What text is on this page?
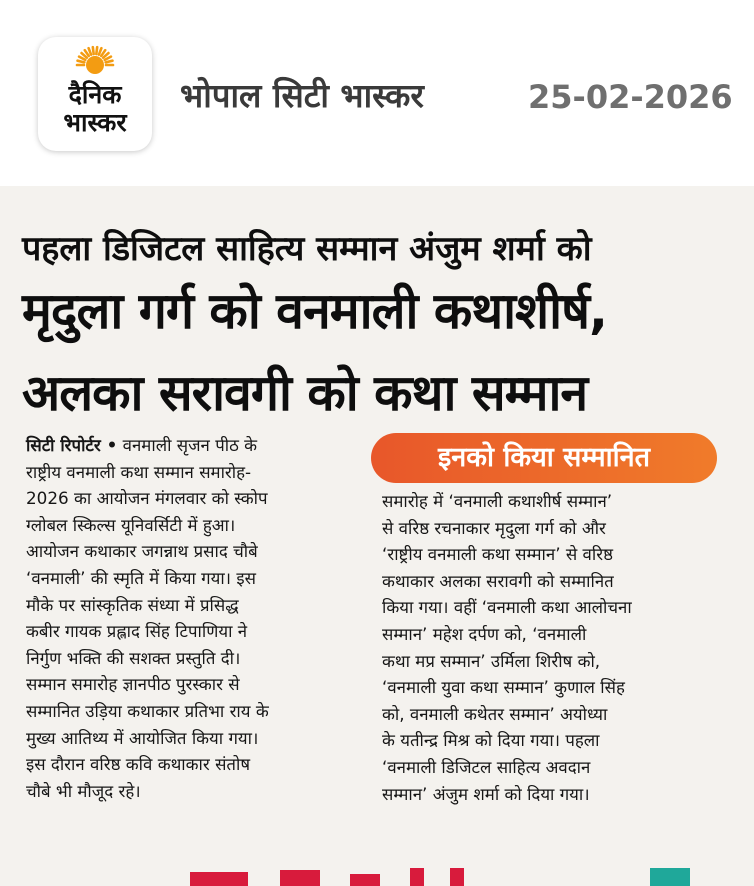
दैनिक
भास्कर
भोपाल सिटी भास्कर	25-02-2026
पहला डिजिटल साहित्य सम्मान अंजुम शर्मा को
मृदुला गर्ग को वनमाली कथाशीर्ष,
अलका सरावगी को कथा सम्मान
सिटी रिपोर्टर • वनमाली सृजन पीठ के
राष्ट्रीय वनमाली कथा सम्मान समारोह-
2026 का आयोजन मंगलवार को स्कोप
ग्लोबल स्किल्स यूनिवर्सिटी में हुआ।
आयोजन कथाकार जगन्नाथ प्रसाद चौबे
‘वनमाली’ की स्मृति में किया गया। इस
मौके पर सांस्कृतिक संध्या में प्रसिद्ध
कबीर गायक प्रह्लाद सिंह टिपाणिया ने
निर्गुण भक्ति की सशक्त प्रस्तुति दी।
सम्मान समारोह ज्ञानपीठ पुरस्कार से
सम्मानित उड़िया कथाकार प्रतिभा राय के
मुख्य आतिथ्य में आयोजित किया गया।
इस दौरान वरिष्ठ कवि कथाकार संतोष
चौबे भी मौजूद रहे।
इनको किया सम्मानित
समारोह में ‘वनमाली कथाशीर्ष सम्मान’
से वरिष्ठ रचनाकार मृदुला गर्ग को और
‘राष्ट्रीय वनमाली कथा सम्मान’ से वरिष्ठ
कथाकार अलका सरावगी को सम्मानित
किया गया। वहीं ‘वनमाली कथा आलोचना
सम्मान’ महेश दर्पण को, ‘वनमाली
कथा मप्र सम्मान’ उर्मिला शिरीष को,
‘वनमाली युवा कथा सम्मान’ कुणाल सिंह
को, वनमाली कथेतर सम्मान’ अयोध्या
के यतीन्द्र मिश्र को दिया गया। पहला
‘वनमाली डिजिटल साहित्य अवदान
सम्मान’ अंजुम शर्मा को दिया गया।
